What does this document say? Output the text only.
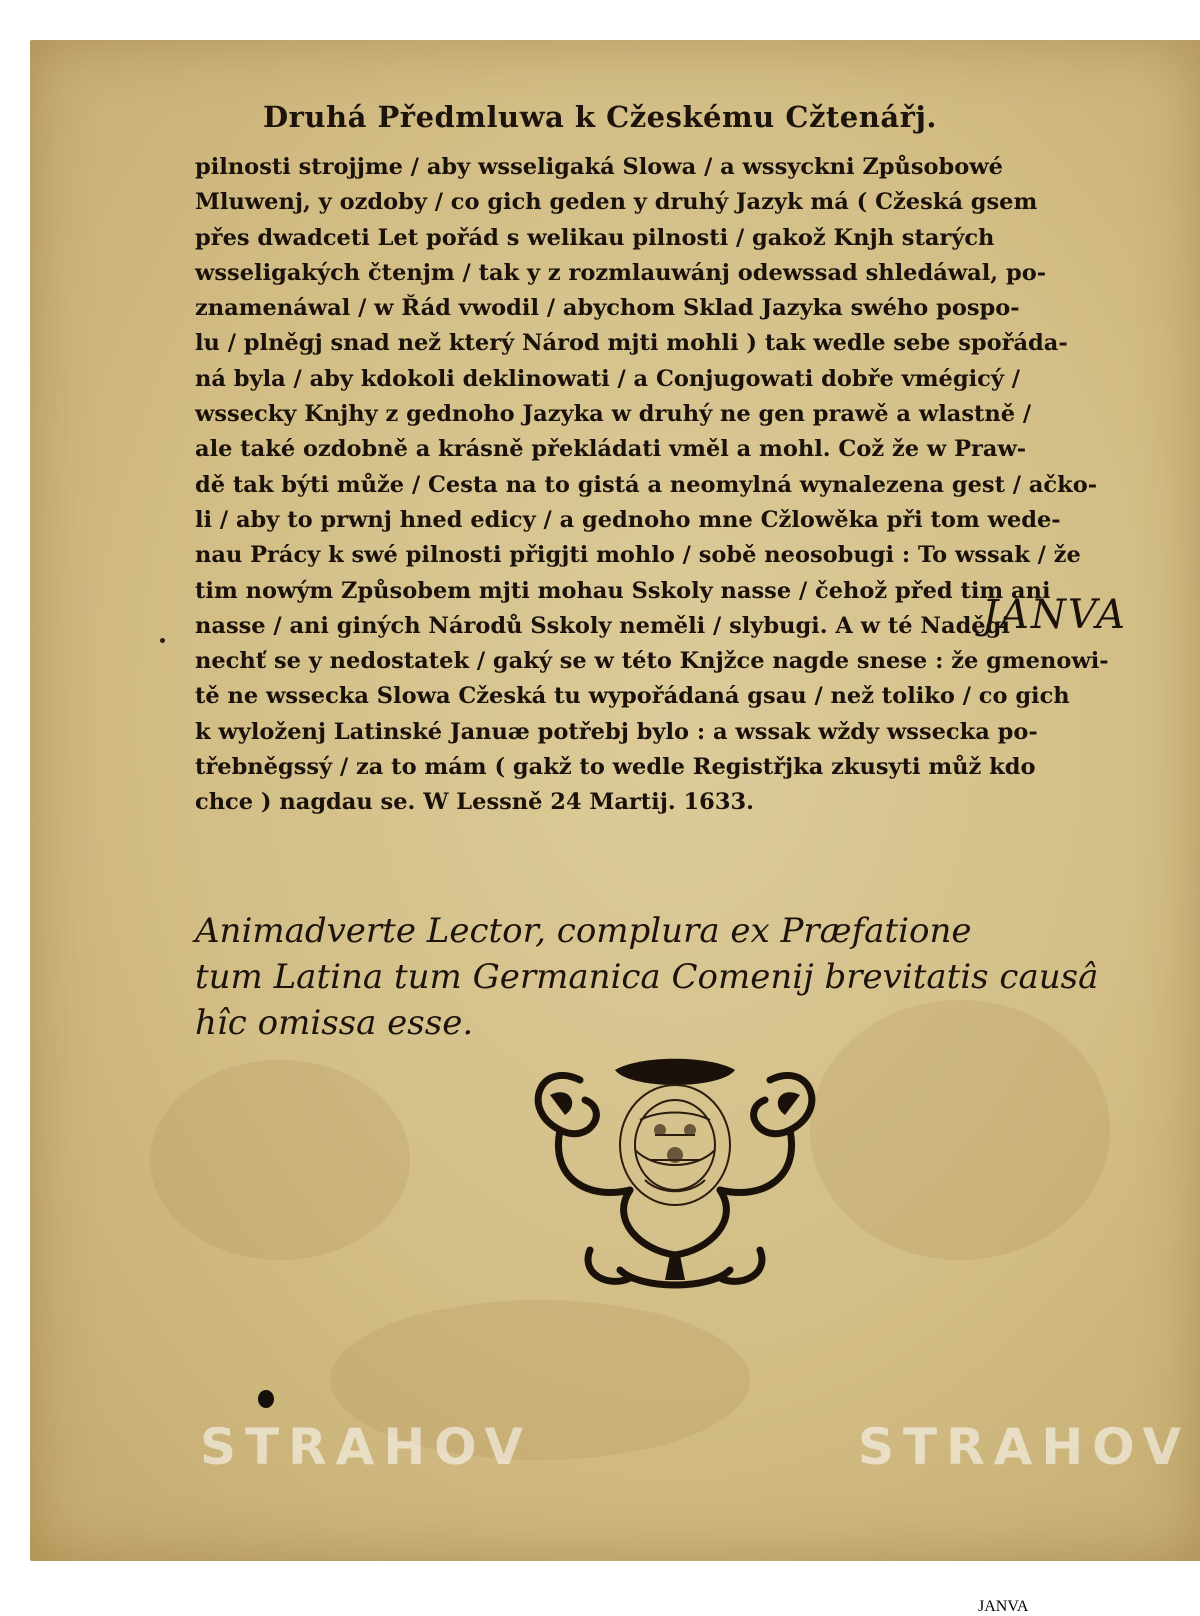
Druhá Předmluwa k Cžeskému Cžtenářj.

pilnosti strojjme / aby wsseligaká Slowa / a wssyckni Způsobowé
Mluwenj, y ozdoby / co gich geden y druhý Jazyk má ( Cžeská gsem
přes dwadceti Let pořád s welikau pilnosti / gakož Knjh starých
wsseligakých čtenjm / tak y z rozmlauwánj odewssad shledáwal, po-
znamenáwal / w Řád vwodil / abychom Sklad Jazyka swého pospo-
lu / plněgj snad než který Národ mjti mohli ) tak wedle sebe spořáda-
ná byla / aby kdokoli deklinowati / a Conjugowati dobře vmégicý /
wssecky Knjhy z gednoho Jazyka w druhý ne gen prawě a wlastně /
ale také ozdobně a krásně překládati vměl a mohl. Což že w Praw-
dě tak býti může / Cesta na to gistá a neomylná wynalezena gest / ačko-
li / aby to prwnj hned edicy / a gednoho mne Cžlowěka při tom wede-
nau Prácy k swé pilnosti přigjti mohlo / sobě neosobugi : To wssak / že
tim nowým Způsobem mjti mohau Sskoly nasse / čehož před tim ani
nasse / ani giných Národů Sskoly neměli / slybugi. A w té Naděgi
nechť se y nedostatek / gaký se w této Knjžce nagde snese : že gmenowi-
tě ne wssecka Slowa Cžeská tu wypořádaná gsau / než toliko / co gich
k wyloženj Latinské Januæ potřebj bylo : a wssak wždy wssecka po-
třebněgssý / za to mám ( gakž to wedle Registřjka zkusyti můž kdo
chce ) nagdau se. W Lessně 24 Martij. 1633.

Animadverte Lector, complura ex Præfatione
tum Latina tum Germanica Comenij brevitatis causâ
hîc omissa esse.

JANVA
STRAHOV	STRAHOV
JANVA
